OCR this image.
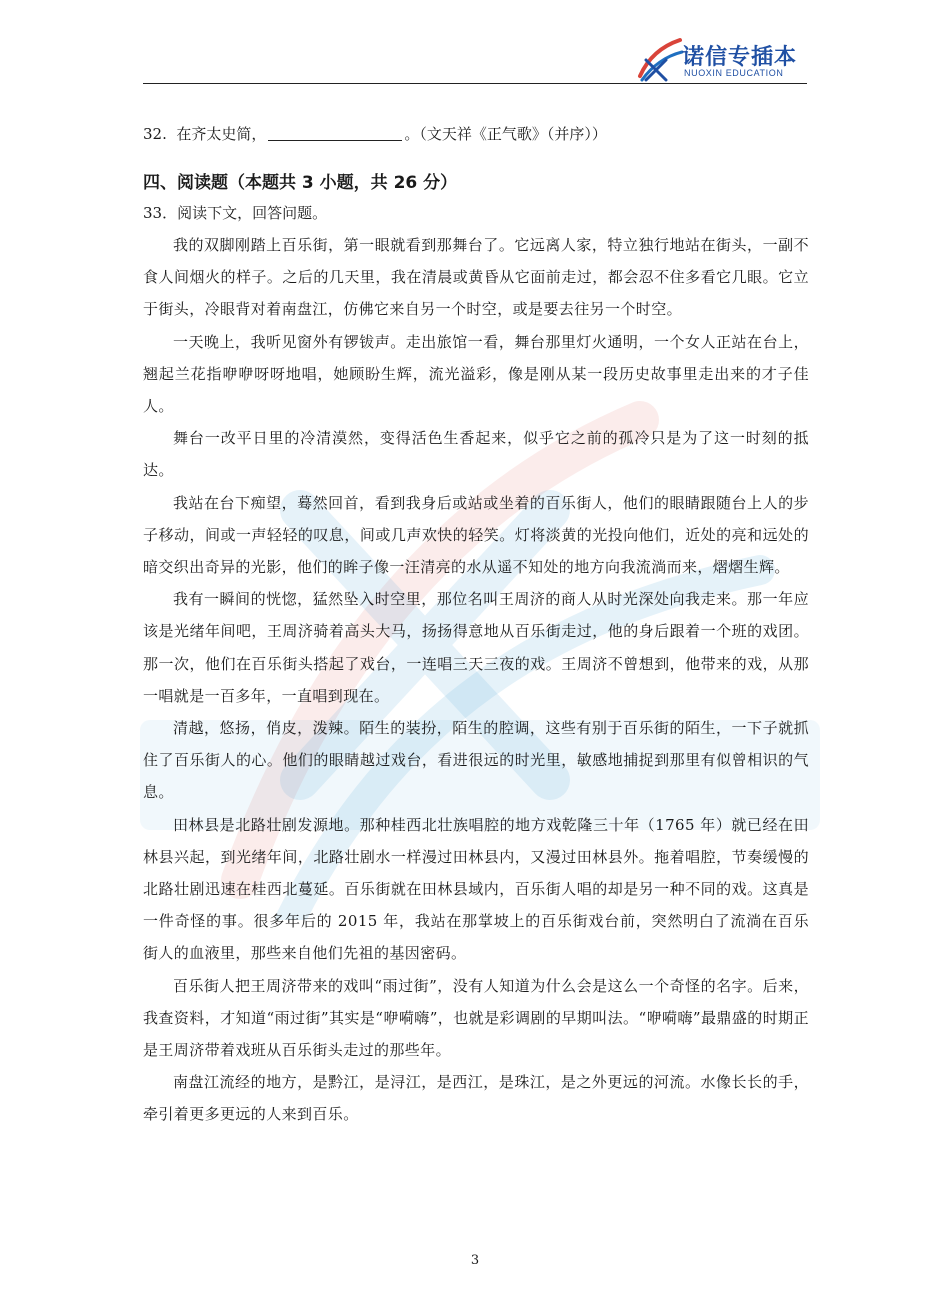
诺信专插本
NUOXIN EDUCATION
32. 在齐太史简，	。（文天祥《正气歌》（并序））
四、阅读题（本题共 3 小题，共 26 分）

33．阅读下文，回答问题。

我的双脚刚踏上百乐街，第一眼就看到那舞台了。它远离人家，特立独行地站在街头，一副不食人间烟火的样子。之后的几天里，我在清晨或黄昏从它面前走过，都会忍不住多看它几眼。它立于街头，冷眼背对着南盘江，仿佛它来自另一个时空，或是要去往另一个时空。

一天晚上，我听见窗外有锣钹声。走出旅馆一看，舞台那里灯火通明，一个女人正站在台上，翘起兰花指咿咿呀呀地唱，她顾盼生辉，流光溢彩，像是刚从某一段历史故事里走出来的才子佳人。

舞台一改平日里的冷清漠然，变得活色生香起来，似乎它之前的孤冷只是为了这一时刻的抵达。

我站在台下痴望，蓦然回首，看到我身后或站或坐着的百乐街人，他们的眼睛跟随台上人的步子移动，间或一声轻轻的叹息，间或几声欢快的轻笑。灯将淡黄的光投向他们，近处的亮和远处的暗交织出奇异的光影，他们的眸子像一汪清亮的水从遥不知处的地方向我流淌而来，熠熠生辉。

我有一瞬间的恍惚，猛然坠入时空里，那位名叫王周济的商人从时光深处向我走来。那一年应该是光绪年间吧，王周济骑着高头大马，扬扬得意地从百乐街走过，他的身后跟着一个班的戏团。那一次，他们在百乐街头搭起了戏台，一连唱三天三夜的戏。王周济不曾想到，他带来的戏，从那一唱就是一百多年，一直唱到现在。

清越，悠扬，俏皮，泼辣。陌生的装扮，陌生的腔调，这些有别于百乐街的陌生，一下子就抓住了百乐街人的心。他们的眼睛越过戏台，看进很远的时光里，敏感地捕捉到那里有似曾相识的气息。

田林县是北路壮剧发源地。那种桂西北壮族唱腔的地方戏乾隆三十年（1765 年）就已经在田林县兴起，到光绪年间，北路壮剧水一样漫过田林县内，又漫过田林县外。拖着唱腔，节奏缓慢的北路壮剧迅速在桂西北蔓延。百乐街就在田林县域内，百乐街人唱的却是另一种不同的戏。这真是一件奇怪的事。很多年后的 2015 年，我站在那掌坡上的百乐街戏台前，突然明白了流淌在百乐街人的血液里，那些来自他们先祖的基因密码。

百乐街人把王周济带来的戏叫“雨过街”，没有人知道为什么会是这么一个奇怪的名字。后来，我查资料，才知道“雨过街”其实是“咿嗬嗨”，也就是彩调剧的早期叫法。“咿嗬嗨”最鼎盛的时期正是王周济带着戏班从百乐街头走过的那些年。

南盘江流经的地方，是黔江，是浔江，是西江，是珠江，是之外更远的河流。水像长长的手，牵引着更多更远的人来到百乐。

3
